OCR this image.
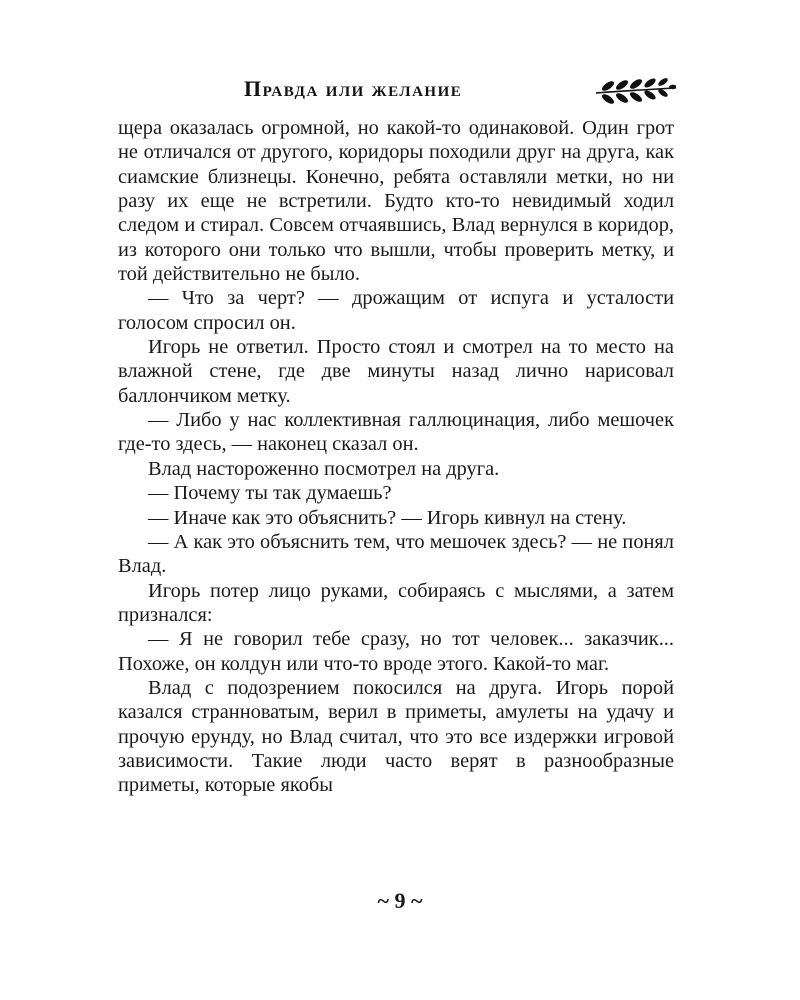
Правда или желание

щера оказалась огромной, но какой-то одинаковой. Один грот не отличался от другого, коридоры походили друг на друга, как сиамские близнецы. Конечно, ребята оставляли метки, но ни разу их еще не встретили. Будто кто-то невидимый ходил следом и стирал. Совсем отчаявшись, Влад вернулся в коридор, из которого они только что вышли, чтобы проверить метку, и той действительно не было.

— Что за черт? — дрожащим от испуга и усталости голосом спросил он.

Игорь не ответил. Просто стоял и смотрел на то место на влажной стене, где две минуты назад лично нарисовал баллончиком метку.

— Либо у нас коллективная галлюцинация, либо мешочек где-то здесь, — наконец сказал он.

Влад настороженно посмотрел на друга.

— Почему ты так думаешь?

— Иначе как это объяснить? — Игорь кивнул на стену.

— А как это объяснить тем, что мешочек здесь? — не понял Влад.

Игорь потер лицо руками, собираясь с мыслями, а затем признался:

— Я не говорил тебе сразу, но тот человек... заказчик... Похоже, он колдун или что-то вроде этого. Какой-то маг.

Влад с подозрением покосился на друга. Игорь порой казался странноватым, верил в приметы, амулеты на удачу и прочую ерунду, но Влад считал, что это все издержки игровой зависимости. Такие люди часто верят в разнообразные приметы, которые якобы

~ 9 ~
